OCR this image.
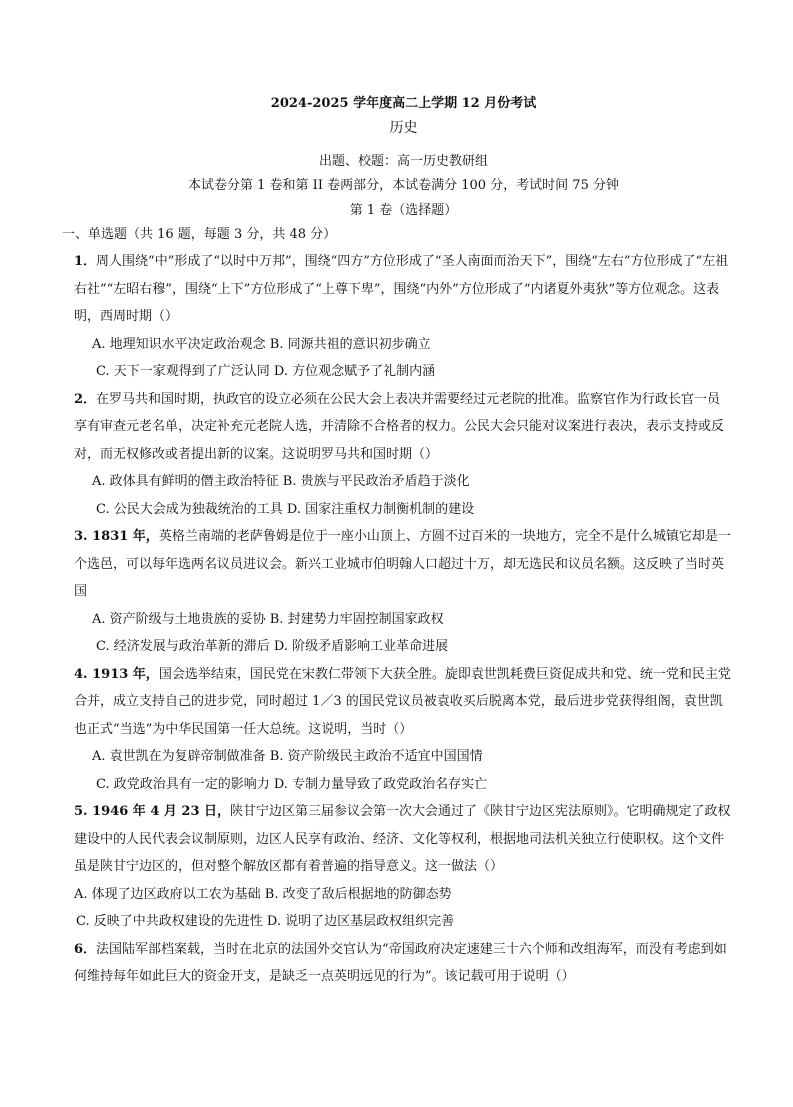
2024-2025 学年度高二上学期 12 月份考试
历史
出题、校题：高一历史教研组
本试卷分第 1 卷和第 II 卷两部分，本试卷满分 100 分，考试时间 75 分钟
第 1 卷（选择题）
一、单选题（共 16 题，每题 3 分，共 48 分）

1．周人围绕“中”形成了“以时中万邦”，围绕“四方”方位形成了“圣人南面而治天下”，围绕“左右”方位形成了“左祖右社”“左昭右穆”，围绕“上下”方位形成了“上尊下卑”，围绕“内外”方位形成了“内诸夏外夷狄”等方位观念。这表明，西周时期（）

A. 地理知识水平决定政治观念 B. 同源共祖的意识初步确立

C. 天下一家观得到了广泛认同 D. 方位观念赋予了礼制内涵

2．在罗马共和国时期，执政官的设立必须在公民大会上表决并需要经过元老院的批准。监察官作为行政长官一员享有审查元老名单，决定补充元老院人选，并清除不合格者的权力。公民大会只能对议案进行表决，表示支持或反对，而无权修改或者提出新的议案。这说明罗马共和国时期（）

A. 政体具有鲜明的僭主政治特征 B. 贵族与平民政治矛盾趋于淡化

C. 公民大会成为独裁统治的工具 D. 国家注重权力制衡机制的建设

3. 1831 年，英格兰南端的老萨鲁姆是位于一座小山顶上、方圆不过百米的一块地方，完全不是什么城镇它却是一个选邑，可以每年选两名议员进议会。新兴工业城市伯明翰人口超过十万，却无选民和议员名额。这反映了当时英国

A. 资产阶级与土地贵族的妥协 B. 封建势力牢固控制国家政权

C. 经济发展与政治革新的滞后 D. 阶级矛盾影响工业革命进展

4. 1913 年，国会选举结束，国民党在宋教仁带领下大获全胜。旋即袁世凯耗费巨资促成共和党、统一党和民主党合并，成立支持自己的进步党，同时超过 1／3 的国民党议员被袁收买后脱离本党，最后进步党获得组阁，袁世凯也正式“当选”为中华民国第一任大总统。这说明，当时（）

A. 袁世凯在为复辟帝制做准备 B. 资产阶级民主政治不适宜中国国情

C. 政党政治具有一定的影响力 D. 专制力量导致了政党政治名存实亡

5. 1946 年 4 月 23 日，陕甘宁边区第三届参议会第一次大会通过了《陕甘宁边区宪法原则》。它明确规定了政权建设中的人民代表会议制原则，边区人民享有政治、经济、文化等权利，根据地司法机关独立行使职权。这个文件虽是陕甘宁边区的，但对整个解放区都有着普遍的指导意义。这一做法（）

A. 体现了边区政府以工农为基础 B. 改变了敌后根据地的防御态势

C. 反映了中共政权建设的先进性 D. 说明了边区基层政权组织完善

6．法国陆军部档案载，当时在北京的法国外交官认为“帝国政府决定速建三十六个师和改组海军，而没有考虑到如何维持每年如此巨大的资金开支，是缺乏一点英明远见的行为”。该记载可用于说明（）
